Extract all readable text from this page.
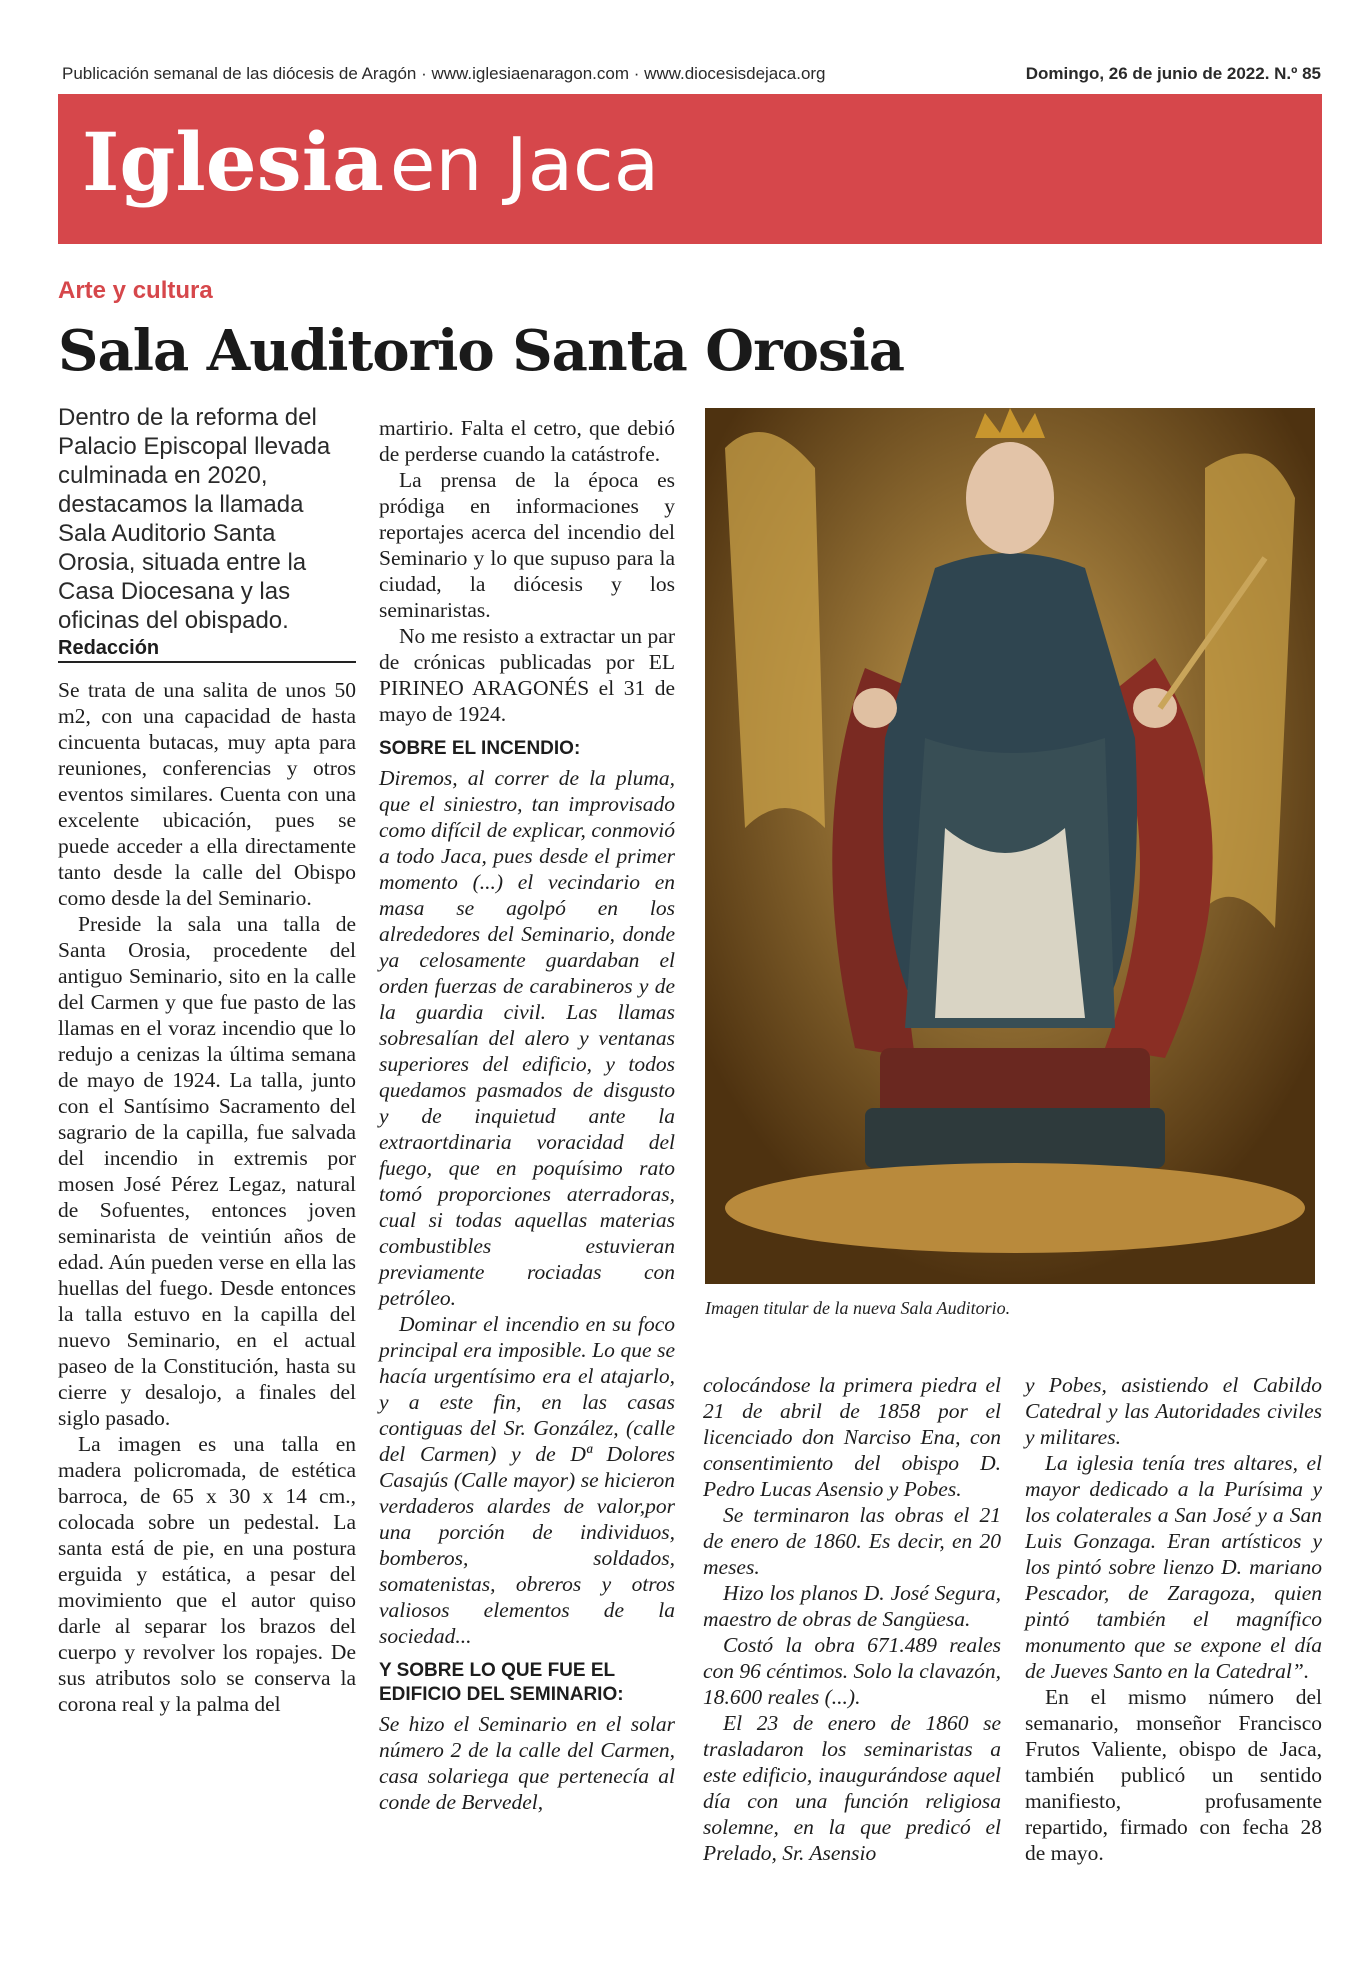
Publicación semanal de las diócesis de Aragón · www.iglesiaenaragon.com · www.diocesisdejaca.org	Domingo, 26 de junio de 2022. N.º 85
Iglesiaen Jaca
Arte y cultura
Sala Auditorio Santa Orosia

Dentro de la reforma del Palacio Episcopal llevada culminada en 2020, destacamos la llamada Sala Auditorio Santa Orosia, situada entre la Casa Diocesana y las oficinas del obispado.

Redacción

Se trata de una salita de unos 50 m2, con una capacidad de hasta cincuenta butacas, muy apta para reuniones, conferencias y otros eventos similares. Cuenta con una excelente ubicación, pues se puede acceder a ella directamente tanto desde la calle del Obispo como desde la del Seminario.

Preside la sala una talla de Santa Orosia, procedente del antiguo Seminario, sito en la calle del Carmen y que fue pasto de las llamas en el voraz incendio que lo redujo a cenizas la última semana de mayo de 1924. La talla, junto con el Santísimo Sacramento del sagrario de la capilla, fue salvada del incendio in extremis por mosen José Pérez Legaz, natural de Sofuentes, entonces joven seminarista de veintiún años de edad. Aún pueden verse en ella las huellas del fuego. Desde entonces la talla estuvo en la capilla del nuevo Seminario, en el actual paseo de la Constitución, hasta su cierre y desalojo, a finales del siglo pasado.

La imagen es una talla en madera policromada, de estética barroca, de 65 x 30 x 14 cm., colocada sobre un pedestal. La santa está de pie, en una postura erguida y estática, a pesar del movimiento que el autor quiso darle al separar los brazos del cuerpo y revolver los ropajes. De sus atributos solo se conserva la corona real y la palma del

martirio. Falta el cetro, que debió de perderse cuando la catástrofe.

La prensa de la época es pródiga en informaciones y reportajes acerca del incendio del Seminario y lo que supuso para la ciudad, la diócesis y los seminaristas.

No me resisto a extractar un par de crónicas publicadas por EL PIRINEO ARAGONÉS el 31 de mayo de 1924.

SOBRE EL INCENDIO:

Diremos, al correr de la pluma, que el siniestro, tan improvisado como difícil de explicar, conmovió a todo Jaca, pues desde el primer momento (...) el vecindario en masa se agolpó en los alrededores del Seminario, donde ya celosamente guardaban el orden fuerzas de carabineros y de la guardia civil. Las llamas sobresalían del alero y ventanas superiores del edificio, y todos quedamos pasmados de disgusto y de inquietud ante la extraortdinaria voracidad del fuego, que en poquísimo rato tomó proporciones aterradoras, cual si todas aquellas materias combustibles estuvieran previamente rociadas con petróleo.

Dominar el incendio en su foco principal era imposible. Lo que se hacía urgentísimo era el atajarlo, y a este fin, en las casas contiguas del Sr. González, (calle del Carmen) y de Dª Dolores Casajús (Calle mayor) se hicieron verdaderos alardes de valor,por una porción de individuos, bomberos, soldados, somatenistas, obreros y otros valiosos elementos de la sociedad...

Y SOBRE LO QUE FUE EL EDIFICIO DEL SEMINARIO:

Se hizo el Seminario en el solar número 2 de la calle del Carmen, casa solariega que pertenecía al conde de Bervedel,

Imagen titular de la nueva Sala Auditorio.

colocándose la primera piedra el 21 de abril de 1858 por el licenciado don Narciso Ena, con consentimiento del obispo D. Pedro Lucas Asensio y Pobes.

Se terminaron las obras el 21 de enero de 1860. Es decir, en 20 meses.

Hizo los planos D. José Segura, maestro de obras de Sangüesa.

Costó la obra 671.489 reales con 96 céntimos. Solo la clavazón, 18.600 reales (...).

El 23 de enero de 1860 se trasladaron los seminaristas a este edificio, inaugurándose aquel día con una función religiosa solemne, en la que predicó el Prelado, Sr. Asensio

y Pobes, asistiendo el Cabildo Catedral y las Autoridades civiles y militares.

La iglesia tenía tres altares, el mayor dedicado a la Purísima y los colaterales a San José y a San Luis Gonzaga. Eran artísticos y los pintó sobre lienzo D. mariano Pescador, de Zaragoza, quien pintó también el magnífico monumento que se expone el día de Jueves Santo en la Catedral”.

En el mismo número del semanario, monseñor Francisco Frutos Valiente, obispo de Jaca, también publicó un sentido manifiesto, profusamente repartido, firmado con fecha 28 de mayo.
